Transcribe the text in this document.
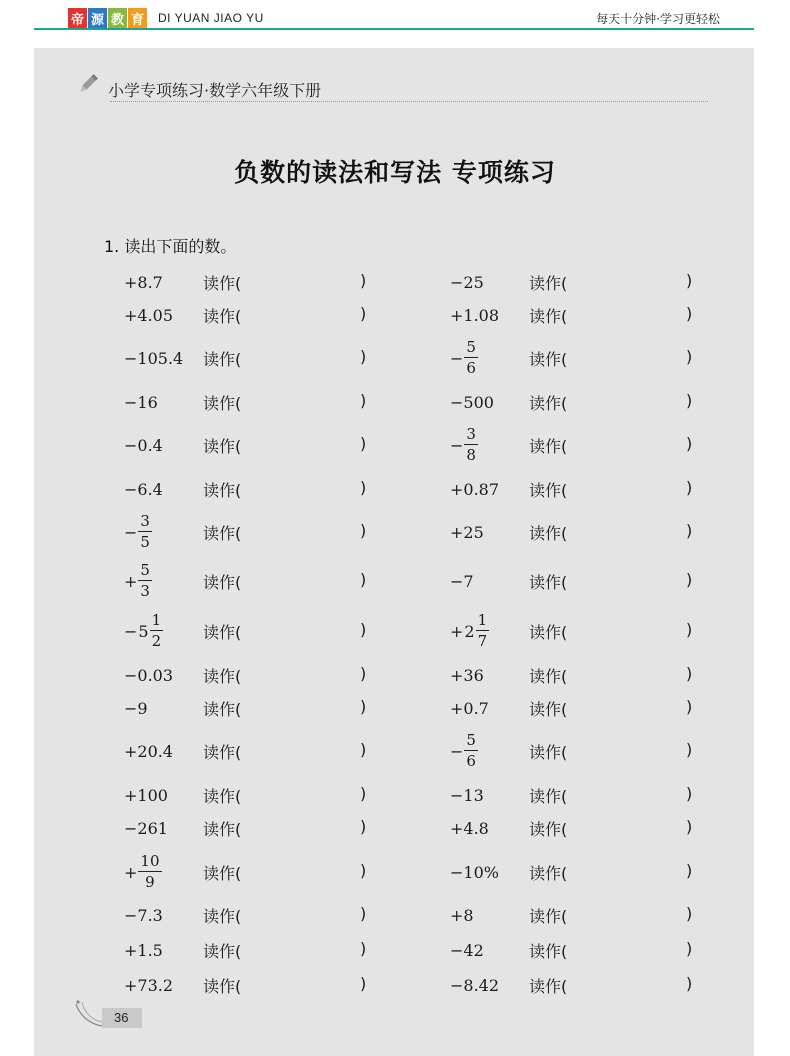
帝 源 教 育 DI YUAN JIAO YU	每天十分钟·学习更轻松
小学专项练习·数学六年级下册
负数的读法和写法 专项练习
1. 读出下面的数。
+8.7	读作(	)	−25	读作(	)
+4.05 读作(	)	+1.08 读作(	)
−105.4 读作(	)	− $\frac{5}{6}$	读作(	)
−16	读作(	)	−500 读作(	)
−0.4	读作(	)	− $\frac{3}{8}$	读作(	)
−6.4	读作(	)	+0.87 读作(	)
− $\frac{3}{5}$	读作(	)	+25	读作(	)
+ $\frac{5}{3}$	读作(	)	−7	读作(	)
− $5 \frac{1}{2}$ 读作(	)	+ $2 \frac{1}{7}$ 读作(	)
−0.03 读作(	)	+36	读作(	)
−9	读作(	)	+0.7	读作(	)
+20.4 读作(	)	− $\frac{5}{6}$	读作(	)
+100 读作(	)	−13	读作(	)
−261 读作(	)	+4.8	读作(	)
+ $\frac{10}{9}$	读作(	)	−10% 读作(	)
−7.3	读作(	)	+8	读作(	)
+1.5	读作(	)	−42	读作(	)
+73.2 读作(	)	−8.42 读作(	)
36
